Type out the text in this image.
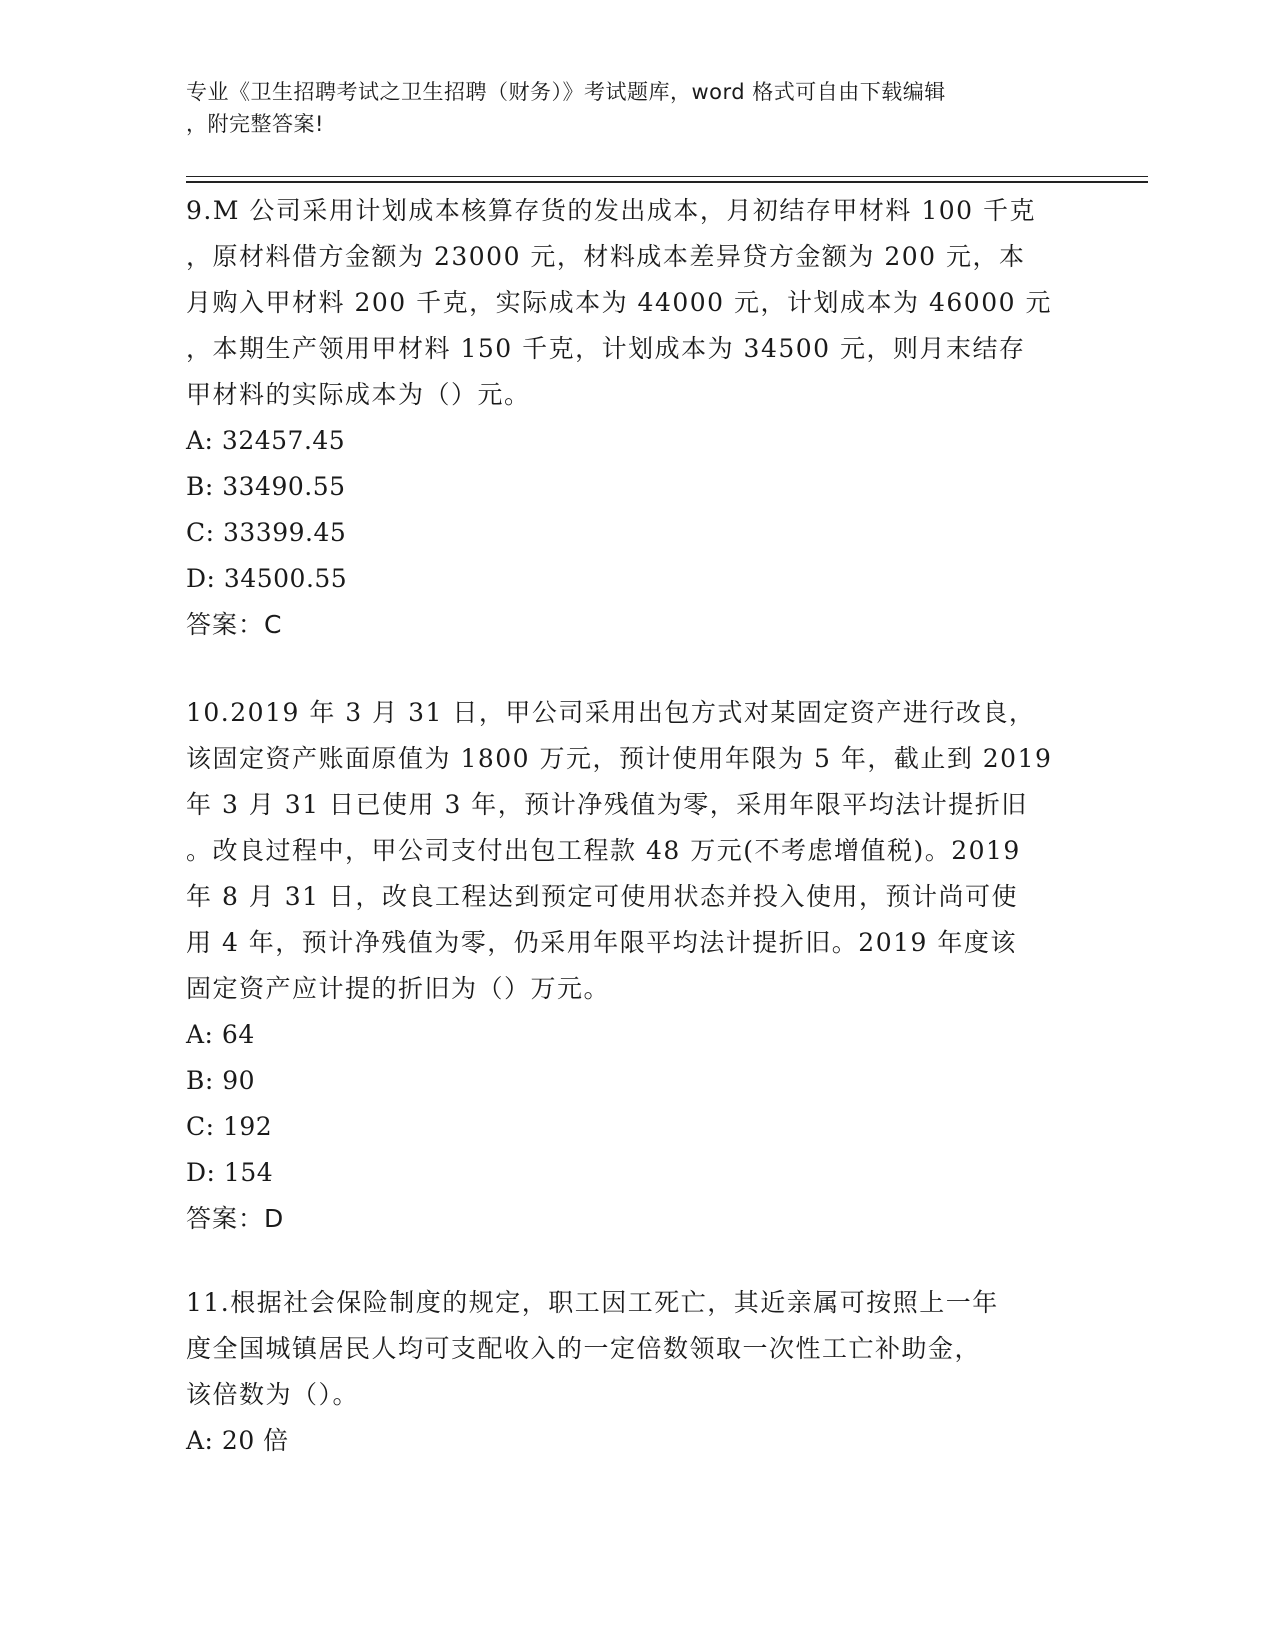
专业《卫生招聘考试之卫生招聘（财务）》考试题库，word 格式可自由下载编辑
，附完整答案!
9.M 公司采用计划成本核算存货的发出成本，月初结存甲材料 100 千克
，原材料借方金额为 23000 元，材料成本差异贷方金额为 200 元，本
月购入甲材料 200 千克，实际成本为 44000 元，计划成本为 46000 元
，本期生产领用甲材料 150 千克，计划成本为 34500 元，则月末结存
甲材料的实际成本为（）元。
A: 32457.45
B: 33490.55
C: 33399.45
D: 34500.55
答案：C
10.2019 年 3 月 31 日，甲公司采用出包方式对某固定资产进行改良，
该固定资产账面原值为 1800 万元，预计使用年限为 5 年，截止到 2019
年 3 月 31 日已使用 3 年，预计净残值为零，采用年限平均法计提折旧
。改良过程中，甲公司支付出包工程款 48 万元(不考虑增值税)。2019
年 8 月 31 日，改良工程达到预定可使用状态并投入使用，预计尚可使
用 4 年，预计净残值为零，仍采用年限平均法计提折旧。2019 年度该
固定资产应计提的折旧为（）万元。
A: 64
B: 90
C: 192
D: 154
答案：D
11.根据社会保险制度的规定，职工因工死亡，其近亲属可按照上一年
度全国城镇居民人均可支配收入的一定倍数领取一次性工亡补助金，
该倍数为（）。
A: 20 倍
